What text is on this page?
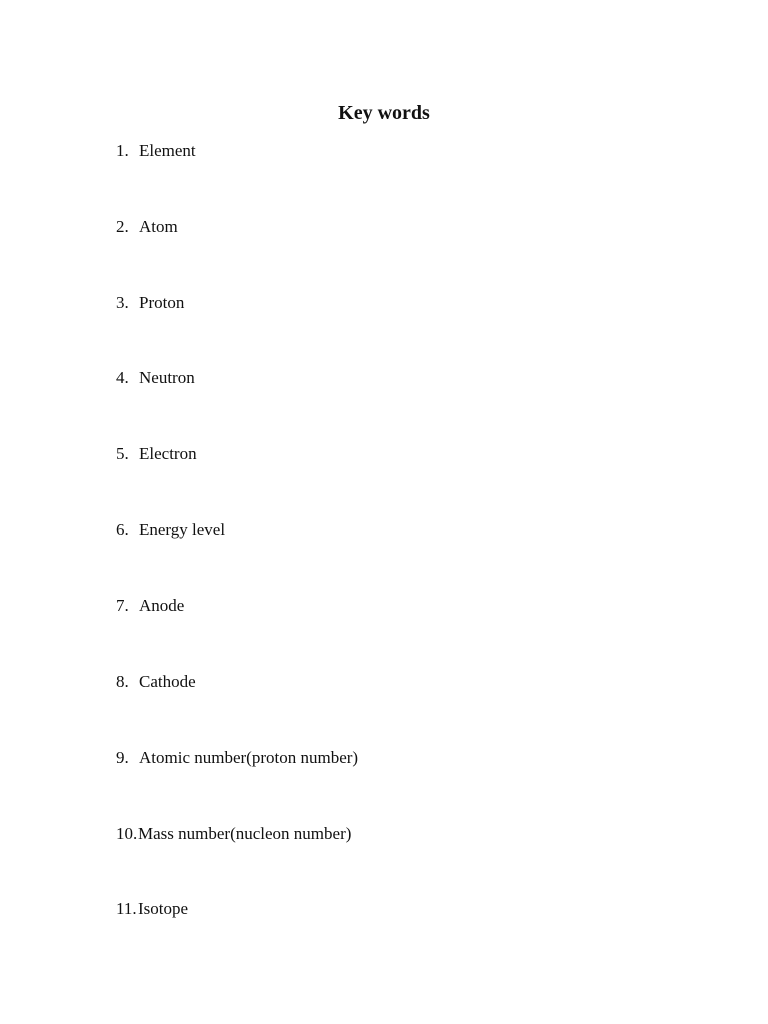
Key words
1. Element
2. Atom
3. Proton
4. Neutron
5. Electron
6. Energy level
7. Anode
8. Cathode
9. Atomic number(proton number)
10.Mass number(nucleon number)
11.Isotope
